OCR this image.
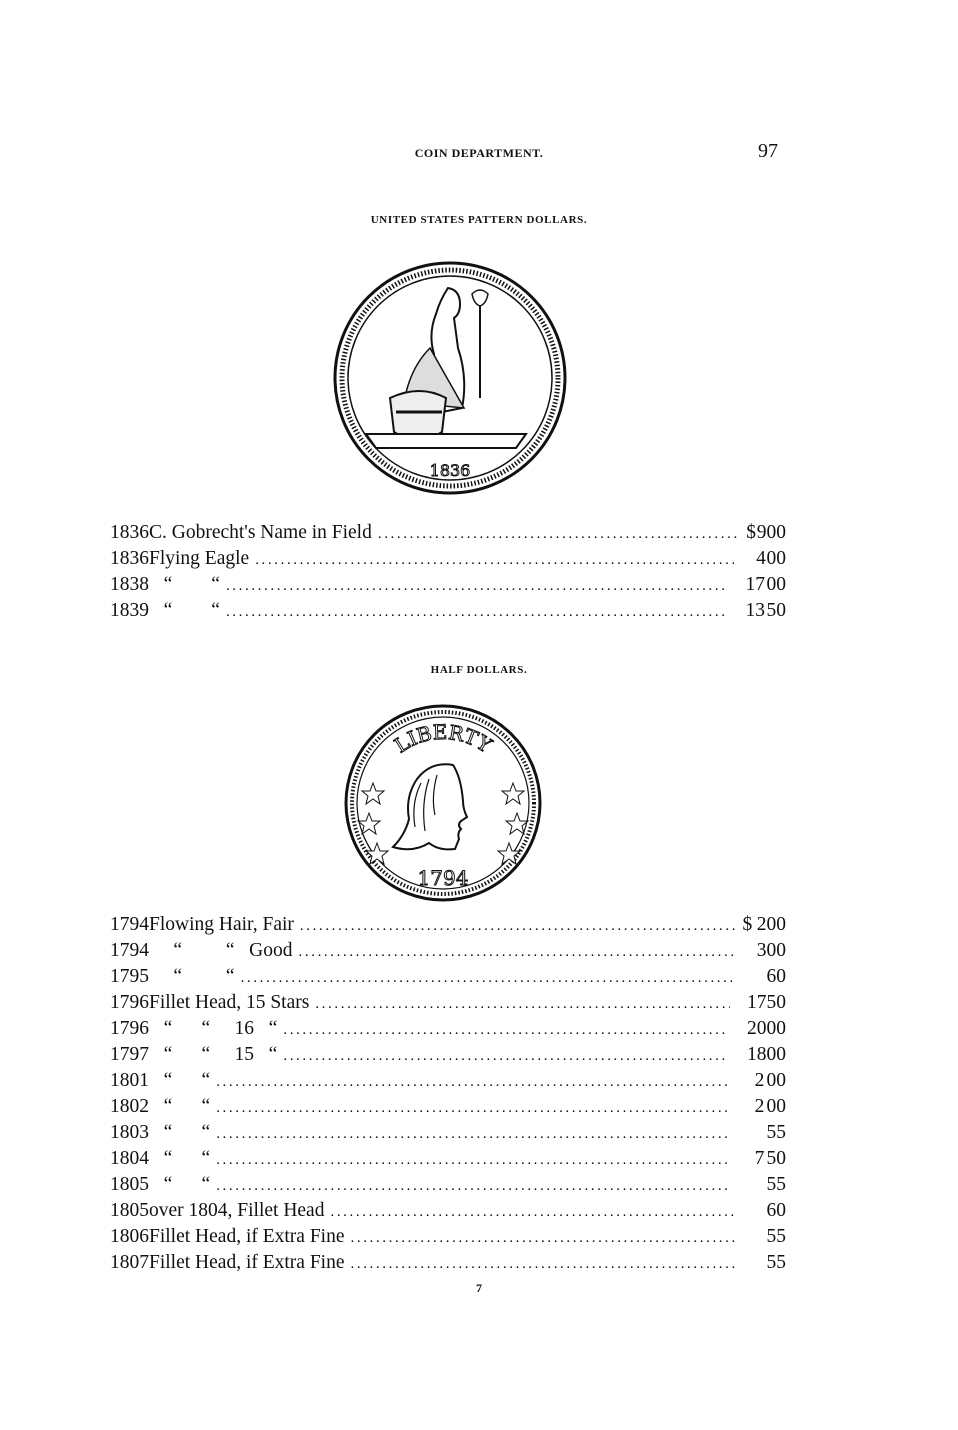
COIN DEPARTMENT.	97
UNITED STATES PATTERN DOLLARS.
1836
1836 C. Gobrecht's Name in Field .....	$ 9 00
1836 Flying Eagle .....	4 00
1838 “        “ .....	17 00
1839 “        “ .....	13 50
HALF DOLLARS.
LIBERTY
1794
1794 Flowing Hair, Fair .....	$ 2 00
1794 “         “   Good .....	3 00
1795 “         “ .....	60
1796 Fillet Head, 15 Stars .....	17 50
1796 “      “     16   “ .....	20 00
1797 “      “     15   “ .....	18 00
1801 “      “ .....	2 00
1802 “      “ .....	2 00
1803 “      “ .....	55
1804 “      “ .....	7 50
1805 “      “ .....	55
1805 over 1804, Fillet Head .....	60
1806 Fillet Head, if Extra Fine .....	55
1807 Fillet Head, if Extra Fine .....	55
7
